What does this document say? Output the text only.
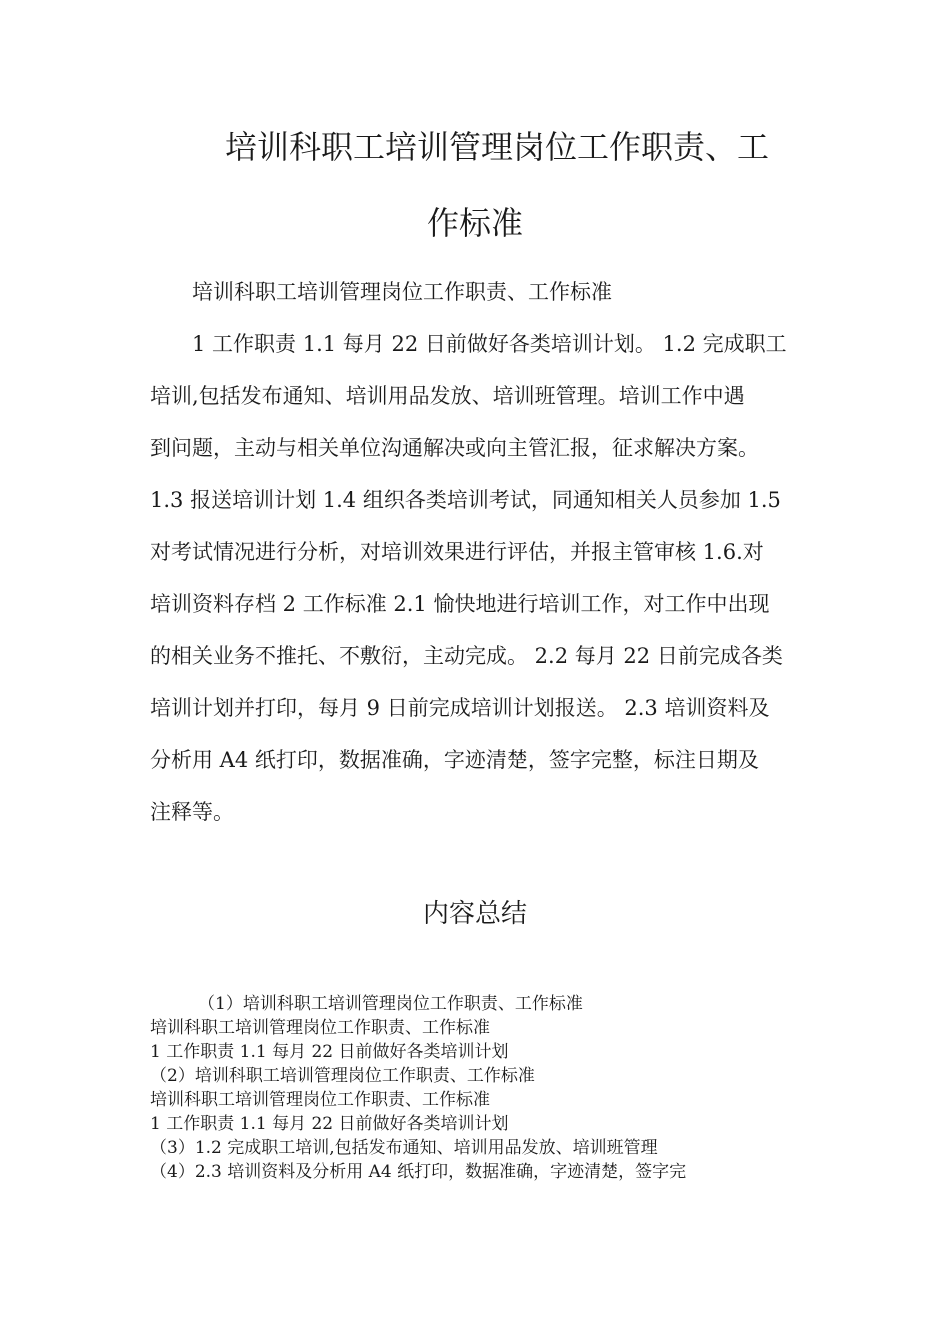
培训科职工培训管理岗位工作职责、工
作标准
培训科职工培训管理岗位工作职责、工作标准
1 工作职责 1.1 每月 22 日前做好各类培训计划。 1.2 完成职工
培训,包括发布通知、培训用品发放、培训班管理。培训工作中遇
到问题，主动与相关单位沟通解决或向主管汇报，征求解决方案。
1.3 报送培训计划 1.4 组织各类培训考试，同通知相关人员参加 1.5
对考试情况进行分析，对培训效果进行评估，并报主管审核 1.6.对
培训资料存档 2 工作标准 2.1 愉快地进行培训工作，对工作中出现
的相关业务不推托、不敷衍，主动完成。 2.2 每月 22 日前完成各类
培训计划并打印，每月 9 日前完成培训计划报送。 2.3 培训资料及
分析用 A4 纸打印，数据准确，字迹清楚，签字完整，标注日期及
注释等。
内容总结
（1）培训科职工培训管理岗位工作职责、工作标准
培训科职工培训管理岗位工作职责、工作标准
1 工作职责 1.1 每月 22 日前做好各类培训计划
（2）培训科职工培训管理岗位工作职责、工作标准
培训科职工培训管理岗位工作职责、工作标准
1 工作职责 1.1 每月 22 日前做好各类培训计划
（3）1.2 完成职工培训,包括发布通知、培训用品发放、培训班管理
（4）2.3 培训资料及分析用 A4 纸打印，数据准确，字迹清楚，签字完
